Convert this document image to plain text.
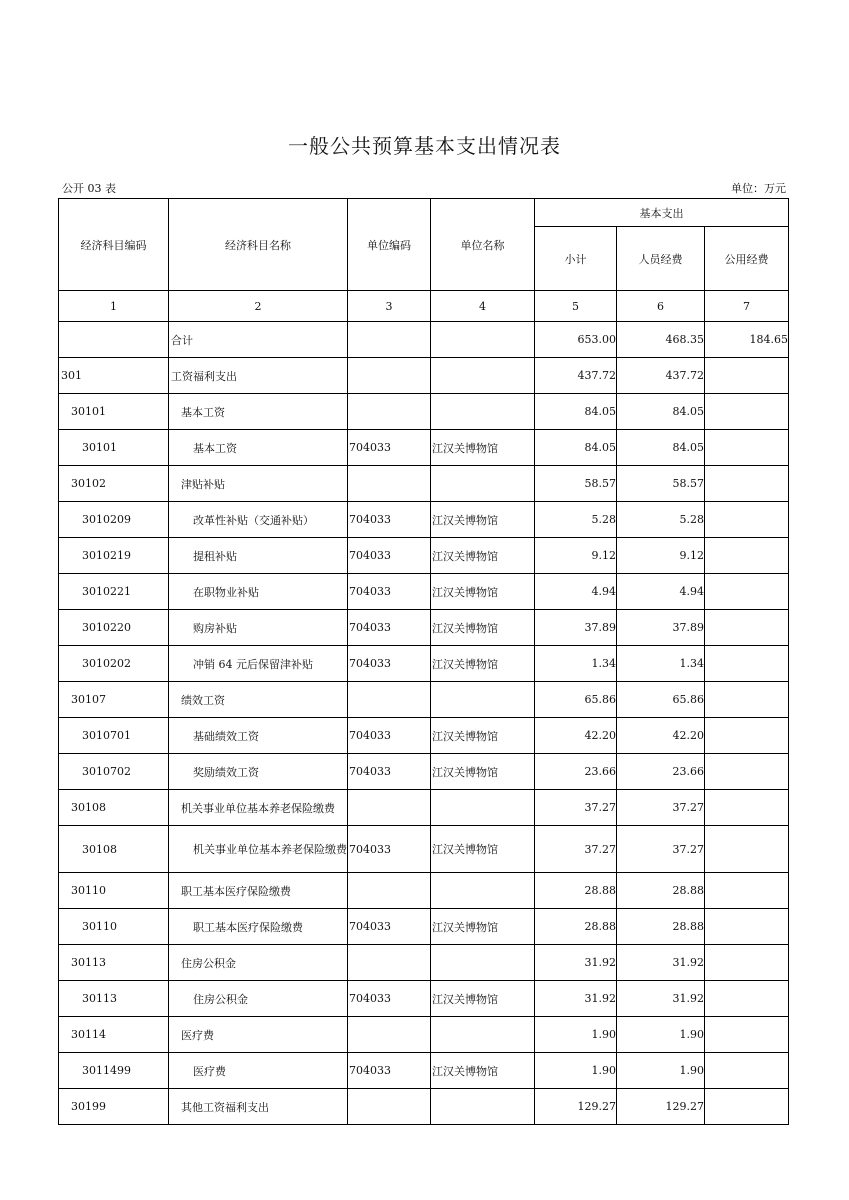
一般公共预算基本支出情况表
公开 03 表	单位：万元
经济科目编码	经济科目名称	单位编码	单位名称	基本支出		
				小计	人员经费	公用经费
1	2	3	4	5	6	7
	合计			653.00	468.35	184.65
301	工资福利支出			437.72	437.72	
30101	基本工资			84.05	84.05	
30101	基本工资	704033	江汉关博物馆	84.05	84.05	
30102	津贴补贴			58.57	58.57	
3010209	改革性补贴（交通补贴）	704033	江汉关博物馆	5.28	5.28	
3010219	提租补贴	704033	江汉关博物馆	9.12	9.12	
3010221	在职物业补贴	704033	江汉关博物馆	4.94	4.94	
3010220	购房补贴	704033	江汉关博物馆	37.89	37.89	
3010202	冲销 64 元后保留津补贴	704033	江汉关博物馆	1.34	1.34	
30107	绩效工资			65.86	65.86	
3010701	基础绩效工资	704033	江汉关博物馆	42.20	42.20	
3010702	奖励绩效工资	704033	江汉关博物馆	23.66	23.66	
30108	机关事业单位基本养老保险缴费			37.27	37.27	
30108	机关事业单位基本养老保险缴费	704033	江汉关博物馆	37.27	37.27	
30110	职工基本医疗保险缴费			28.88	28.88	
30110	职工基本医疗保险缴费	704033	江汉关博物馆	28.88	28.88	
30113	住房公积金			31.92	31.92	
30113	住房公积金	704033	江汉关博物馆	31.92	31.92	
30114	医疗费			1.90	1.90	
3011499	医疗费	704033	江汉关博物馆	1.90	1.90	
30199	其他工资福利支出			129.27	129.27	
